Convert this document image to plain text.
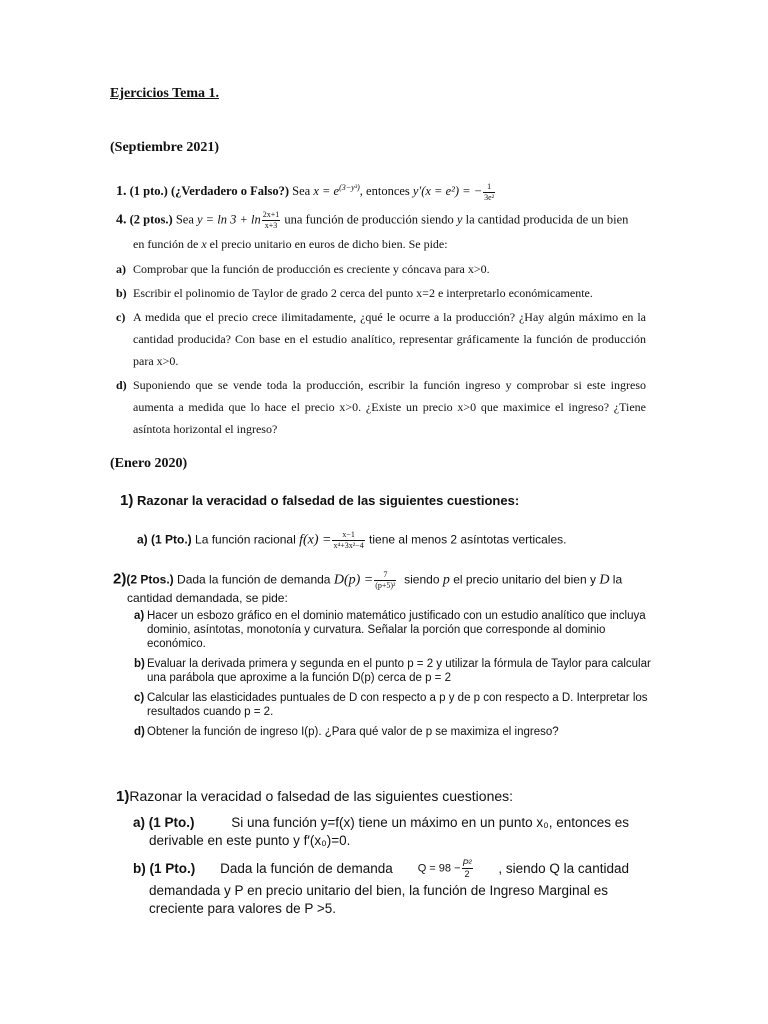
Ejercicios Tema 1.
(Septiembre 2021)
1. (1 pto.) (¿Verdadero o Falso?) Sea $x = e^{(3-y^3)}$, entonces y′(x = e²) = − $\frac{1}{\text{3e²}}$
4. (2 ptos.) Sea $y = \ln 3 + \ln \frac{2x+1}{x+3}$ una función de producción siendo y la cantidad producida de un bien
en función de x el precio unitario en euros de dicho bien. Se pide:
a) Comprobar que la función de producción es creciente y cóncava para x>0.
b) Escribir el polinomio de Taylor de grado 2 cerca del punto x=2 e interpretarlo económicamente.
c) A medida que el precio crece ilimitadamente, ¿qué le ocurre a la producción? ¿Hay algún máximo en la cantidad producida? Con base en el estudio analítico, representar gráficamente la función de producción para x>0.
d) Suponiendo que se vende toda la producción, escribir la función ingreso y comprobar si este ingreso aumenta a medida que lo hace el precio x>0. ¿Existe un precio x>0 que maximice el ingreso? ¿Tiene asíntota horizontal el ingreso?
(Enero 2020)
1) Razonar la veracidad o falsedad de las siguientes cuestiones:
a) (1 Pto.) La función racional $f(x) = \frac{x-1}{\text{x⁴+3x²−4}}$ tiene al menos 2 asíntotas verticales.
2)(2 Ptos.) Dada la función de demanda $D(p) = \frac{7}{\text{(p+5)²}}$ siendo p el precio unitario del bien y D la
cantidad demandada, se pide:
a) Hacer un esbozo gráfico en el dominio matemático justificado con un estudio analítico que incluya dominio, asíntotas, monotonía y curvatura. Señalar la porción que corresponde al dominio económico.
b) Evaluar la derivada primera y segunda en el punto p = 2 y utilizar la fórmula de Taylor para calcular una parábola que aproxime a la función D(p) cerca de p = 2
c) Calcular las elasticidades puntuales de D con respecto a p y de p con respecto a D. Interpretar los resultados cuando p = 2.
d) Obtener la función de ingreso I(p). ¿Para qué valor de p se maximiza el ingreso?
1)Razonar la veracidad o falsedad de las siguientes cuestiones:
a) (1 Pto.)	Si una función y=f(x) tiene un máximo en un punto x₀, entonces es
derivable en este punto y f′(x₀)=0.
b) (1 Pto.) Dada la función de demanda $Q = 98 - \frac{\text{P²}}{2}$ , siendo Q la cantidad
demandada y P en precio unitario del bien, la función de Ingreso Marginal es
creciente para valores de P >5.
